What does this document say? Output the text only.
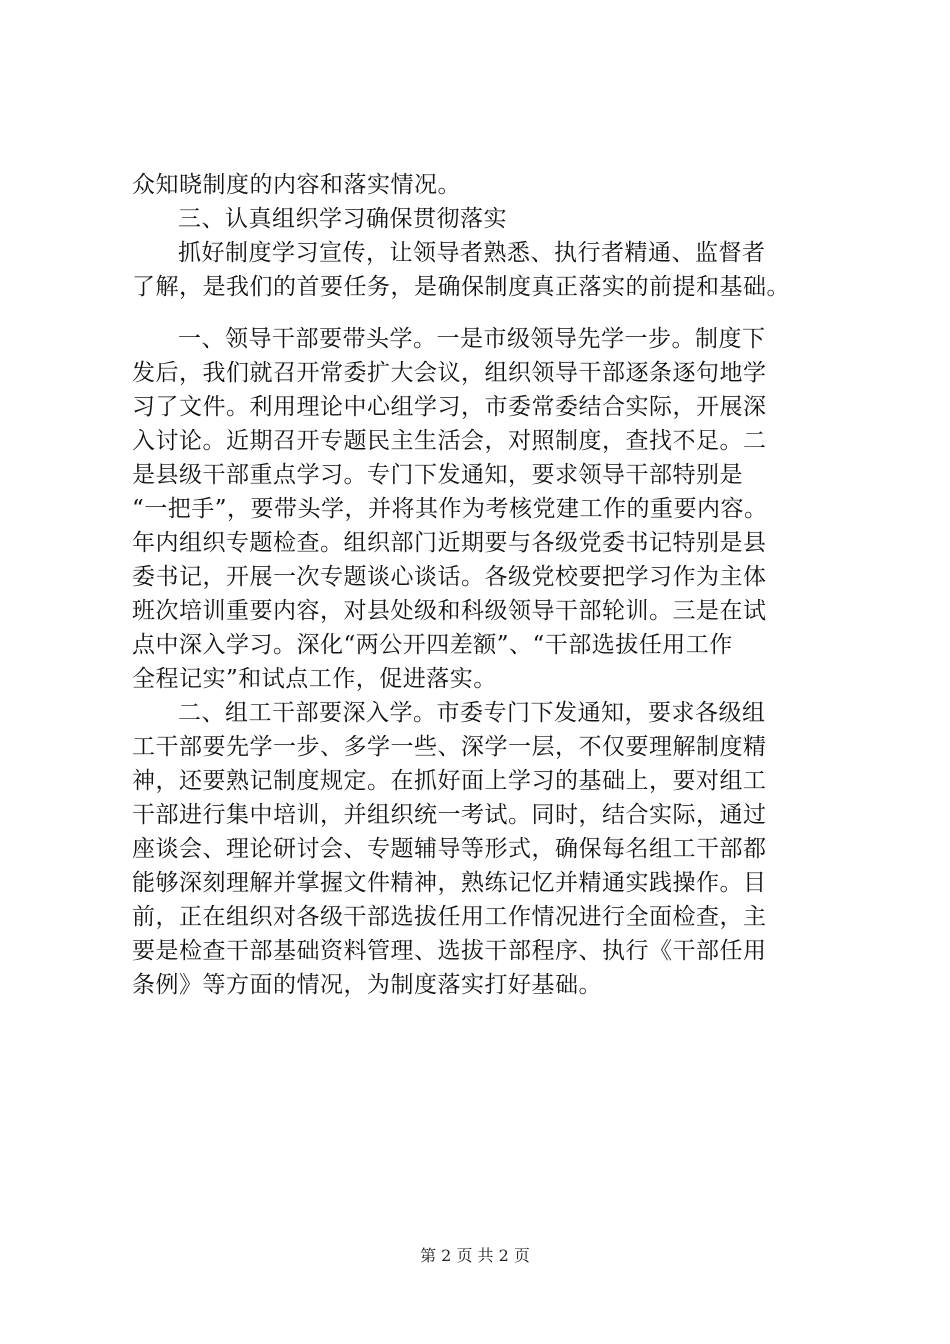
众知晓制度的内容和落实情况。
三、认真组织学习确保贯彻落实
抓好制度学习宣传，让领导者熟悉、执行者精通、监督者
了解，是我们的首要任务，是确保制度真正落实的前提和基础。
一、领导干部要带头学。一是市级领导先学一步。制度下
发后，我们就召开常委扩大会议，组织领导干部逐条逐句地学
习了文件。利用理论中心组学习，市委常委结合实际，开展深
入讨论。近期召开专题民主生活会，对照制度，查找不足。二
是县级干部重点学习。专门下发通知，要求领导干部特别是
“一把手”，要带头学，并将其作为考核党建工作的重要内容。
年内组织专题检查。组织部门近期要与各级党委书记特别是县
委书记，开展一次专题谈心谈话。各级党校要把学习作为主体
班次培训重要内容，对县处级和科级领导干部轮训。三是在试
点中深入学习。深化“两公开四差额”、“干部选拔任用工作
全程记实”和试点工作，促进落实。
二、组工干部要深入学。市委专门下发通知，要求各级组
工干部要先学一步、多学一些、深学一层，不仅要理解制度精
神，还要熟记制度规定。在抓好面上学习的基础上，要对组工
干部进行集中培训，并组织统一考试。同时，结合实际，通过
座谈会、理论研讨会、专题辅导等形式，确保每名组工干部都
能够深刻理解并掌握文件精神，熟练记忆并精通实践操作。目
前，正在组织对各级干部选拔任用工作情况进行全面检查，主
要是检查干部基础资料管理、选拔干部程序、执行《干部任用
条例》等方面的情况，为制度落实打好基础。
第 2 页 共 2 页
